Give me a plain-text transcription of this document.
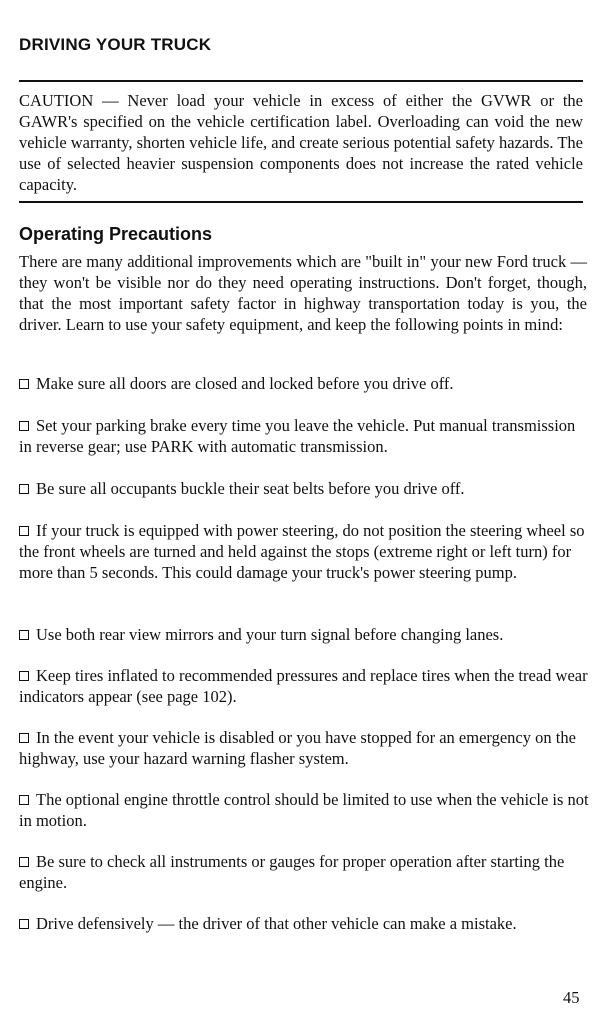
DRIVING YOUR TRUCK

CAUTION — Never load your vehicle in excess of either the GVWR or the GAWR's specified on the vehicle certification label. Overloading can void the new vehicle warranty, shorten vehicle life, and create serious potential safety hazards. The use of selected heavier suspension components does not increase the rated vehicle capacity.

Operating Precautions

There are many additional improvements which are "built in" your new Ford truck — they won't be visible nor do they need operating instructions. Don't forget, though, that the most important safety factor in highway transportation today is you, the driver. Learn to use your safety equipment, and keep the following points in mind:

Make sure all doors are closed and locked before you drive off.

Set your parking brake every time you leave the vehicle. Put manual transmission in reverse gear; use PARK with automatic transmission.

Be sure all occupants buckle their seat belts before you drive off.

If your truck is equipped with power steering, do not position the steering wheel so the front wheels are turned and held against the stops (extreme right or left turn) for more than 5 seconds. This could damage your truck's power steering pump.

Use both rear view mirrors and your turn signal before changing lanes.

Keep tires inflated to recommended pressures and replace tires when the tread wear indicators appear (see page 102).

In the event your vehicle is disabled or you have stopped for an emergency on the highway, use your hazard warning flasher system.

The optional engine throttle control should be limited to use when the vehicle is not in motion.

Be sure to check all instruments or gauges for proper operation after starting the engine.

Drive defensively — the driver of that other vehicle can make a mistake.

45
